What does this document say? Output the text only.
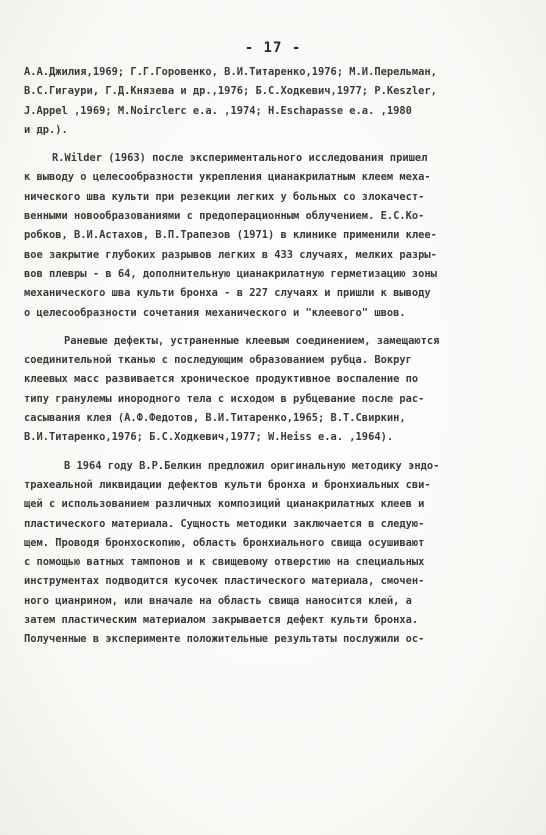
- 17 -
А.А.Джилия,1969; Г.Г.Горовенко, В.И.Титаренко,1976; М.И.Перельман,
В.С.Гигаури, Г.Д.Князева и др.,1976; Б.С.Ходкевич,1977; P.Keszler,
J.Appel ,1969; M.Noirclerc e.a. ,1974; H.Eschapasse e.a. ,1980
и др.).
R.Wilder (1963) после экспериментального исследования пришел
к выводу о целесообразности укрепления цианакрилатным клеем меха-
нического шва культи при резекции легких у больных со злокачест-
венными новообразованиями с предоперационным облучением. Е.С.Ко-
робков, В.И.Астахов, В.П.Трапезов (1971) в клинике применили клее-
вое закрытие глубоких разрывов легких в 433 случаях, мелких разры-
вов плевры - в 64, дополнительную цианакрилатную герметизацию зоны
механического шва культи бронха - в 227 случаях и пришли к выводу
о целесообразности сочетания механического и "клеевого" швов.
Раневые дефекты, устраненные клеевым соединением, замещаются
соединительной тканью с последующим образованием рубца. Вокруг
клеевых масс развивается хроническое продуктивное воспаление по
типу гранулемы инородного тела с исходом в рубцевание после рас-
сасывания клея (А.Ф.Федотов, В.И.Титаренко,1965; В.Т.Свиркин,
В.И.Титаренко,1976; Б.С.Ходкевич,1977; W.Heiss e.a. ,1964).
В 1964 году В.Р.Белкин предложил оригинальную методику эндо-
трахеальной ликвидации дефектов культи бронха и бронхиальных сви-
щей с использованием различных композиций цианакрилатных клеев и
пластического материала. Сущность методики заключается в следую-
щем. Проводя бронхоскопию, область бронхиального свища осушивают
с помощью ватных тампонов и к свищевому отверстию на специальных
инструментах подводится кусочек пластического материала, смочен-
ного цианрином, или вначале на область свища наносится клей, а
затем пластическим материалом закрывается дефект культи бронха.
Полученные в эксперименте положительные результаты послужили ос-
